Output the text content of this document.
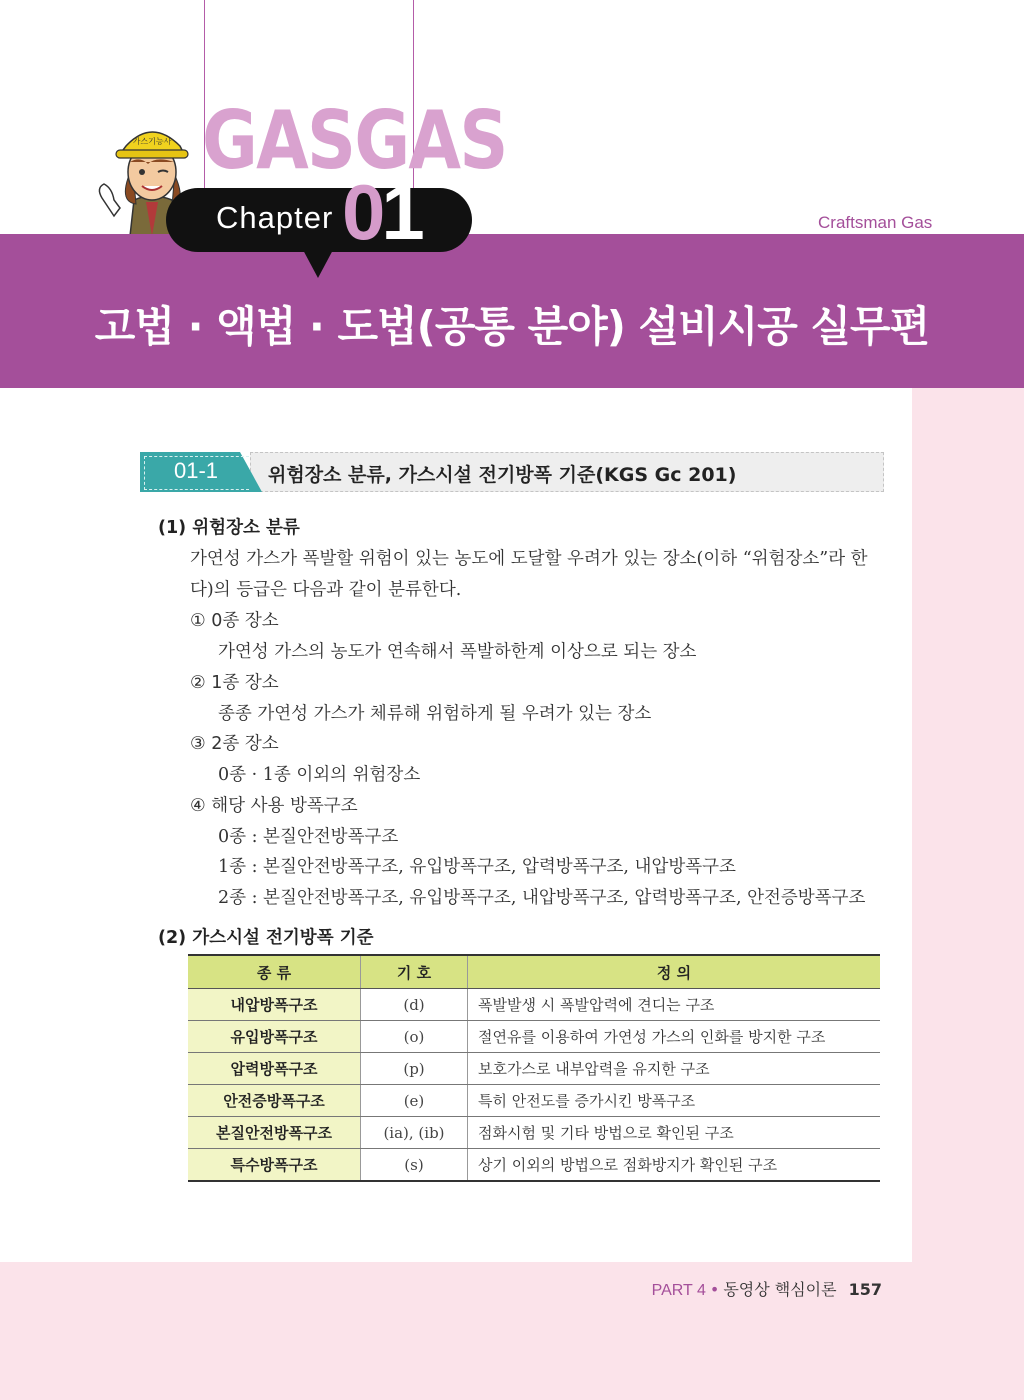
GASGAS
가스기능사
Chapter 01	Craftsman Gas
고법 · 액법 · 도법(공통 분야) 설비시공 실무편
01-1	위험장소 분류, 가스시설 전기방폭 기준(KGS Gc 201)
(1) 위험장소 분류
가연성 가스가 폭발할 위험이 있는 농도에 도달할 우려가 있는 장소(이하 “위험장소”라 한
다)의 등급은 다음과 같이 분류한다.
① 0종 장소
가연성 가스의 농도가 연속해서 폭발하한계 이상으로 되는 장소
② 1종 장소
종종 가연성 가스가 체류해 위험하게 될 우려가 있는 장소
③ 2종 장소
0종 · 1종 이외의 위험장소
④ 해당 사용 방폭구조
0종 : 본질안전방폭구조
1종 : 본질안전방폭구조, 유입방폭구조, 압력방폭구조, 내압방폭구조
2종 : 본질안전방폭구조, 유입방폭구조, 내압방폭구조, 압력방폭구조, 안전증방폭구조
(2) 가스시설 전기방폭 기준
종 류	기 호	정 의
내압방폭구조	(d)	폭발발생 시 폭발압력에 견디는 구조
유입방폭구조	(o)	절연유를 이용하여 가연성 가스의 인화를 방지한 구조
압력방폭구조	(p)	보호가스로 내부압력을 유지한 구조
안전증방폭구조	(e)	특히 안전도를 증가시킨 방폭구조
본질안전방폭구조	(ia), (ib)	점화시험 및 기타 방법으로 확인된 구조
특수방폭구조	(s)	상기 이외의 방법으로 점화방지가 확인된 구조
PART 4 • 동영상 핵심이론 157
